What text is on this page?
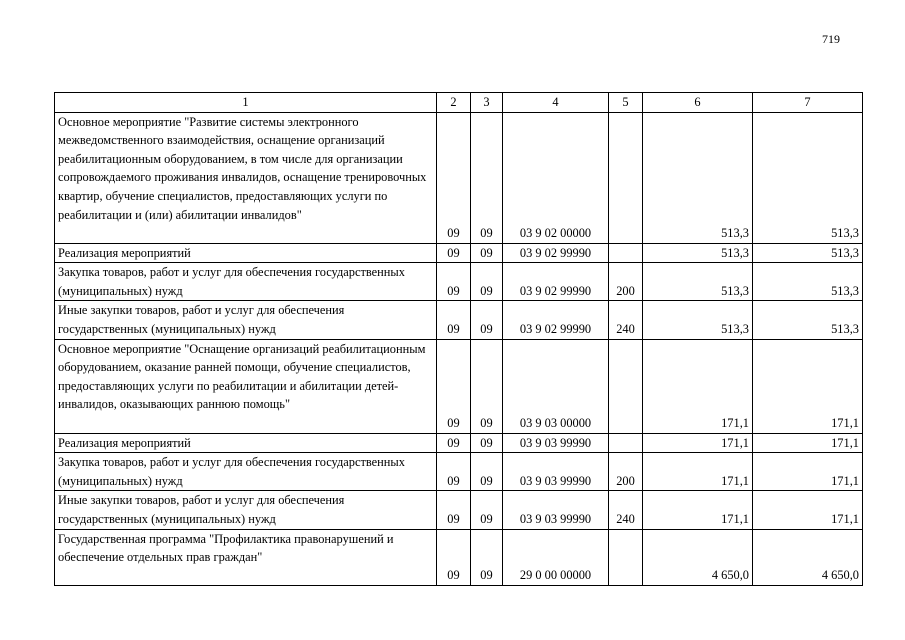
719
1	2	3	4	5	6	7
Основное мероприятие "Развитие системы электронного межведомственного взаимодействия, оснащение организаций реабилитационным оборудованием, в том числе для организации сопровождаемого проживания инвалидов, оснащение тренировочных квартир, обучение специалистов, предоставляющих услуги по реабилитации и (или) абилитации инвалидов"	09	09	03 9 02 00000		513,3	513,3
Реализация мероприятий	09	09	03 9 02 99990		513,3	513,3
Закупка товаров, работ и услуг для обеспечения государственных (муниципальных) нужд	09	09	03 9 02 99990	200	513,3	513,3
Иные закупки товаров, работ и услуг для обеспечения государственных (муниципальных) нужд	09	09	03 9 02 99990	240	513,3	513,3
Основное мероприятие "Оснащение организаций реабилитационным оборудованием, оказание ранней помощи, обучение специалистов, предоставляющих услуги по реабилитации и абилитации детей-инвалидов, оказывающих раннюю помощь"	09	09	03 9 03 00000		171,1	171,1
Реализация мероприятий	09	09	03 9 03 99990		171,1	171,1
Закупка товаров, работ и услуг для обеспечения государственных (муниципальных) нужд	09	09	03 9 03 99990	200	171,1	171,1
Иные закупки товаров, работ и услуг для обеспечения государственных (муниципальных) нужд	09	09	03 9 03 99990	240	171,1	171,1
Государственная программа "Профилактика правонарушений и обеспечение отдельных прав граждан"	09	09	29 0 00 00000		4 650,0	4 650,0
